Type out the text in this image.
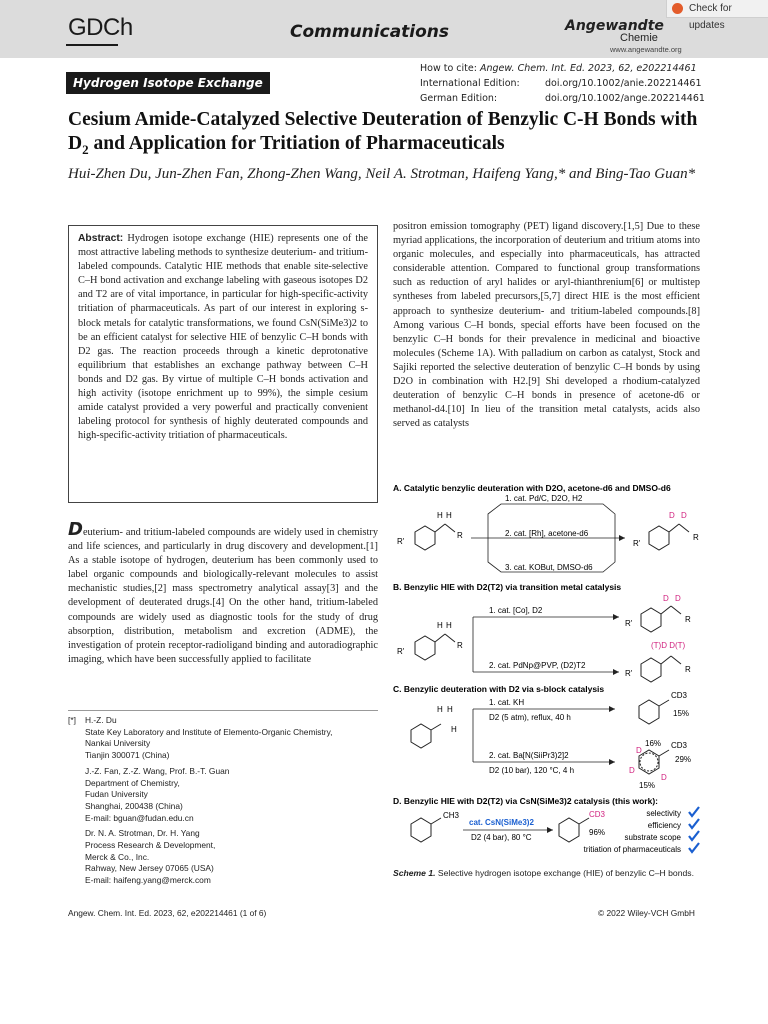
GDCh	Communications	Angewandte
Chemie
www.angewandte.org
Check for updates
Hydrogen Isotope Exchange
How to cite: Angew. Chem. Int. Ed. 2023, 62, e202214461
International Edition:	doi.org/10.1002/anie.202214461
German Edition:	doi.org/10.1002/ange.202214461
Cesium Amide-Catalyzed Selective Deuteration of Benzylic C-H Bonds with $D_2$ and Application for Tritiation of Pharmaceuticals
Hui-Zhen Du, Jun-Zhen Fan, Zhong-Zhen Wang, Neil A. Strotman, Haifeng Yang,* and Bing-Tao Guan*
Abstract: Hydrogen isotope exchange (HIE) represents one of the most attractive labeling methods to synthesize deuterium- and tritium-labeled compounds. Catalytic HIE methods that enable site-selective C–H bond activation and exchange labeling with gaseous isotopes D2 and T2 are of vital importance, in particular for high-specific-activity tritiation of pharmaceuticals. As part of our interest in exploring s-block metals for catalytic transformations, we found CsN(SiMe3)2 to be an efficient catalyst for selective HIE of benzylic C–H bonds with D2 gas. The reaction proceeds through a kinetic deprotonative equilibrium that establishes an exchange pathway between C–H bonds and D2 gas. By virtue of multiple C–H bonds activation and high activity (isotope enrichment up to 99%), the simple cesium amide catalyst provided a very powerful and practically convenient labeling protocol for synthesis of highly deuterated compounds and high-specific-activity tritiation of pharmaceuticals.
Deuterium- and tritium-labeled compounds are widely used in chemistry and life sciences, and particularly in drug discovery and development.[1] As a stable isotope of hydrogen, deuterium has been commonly used to label organic compounds and biologically-relevant molecules to assist mechanistic studies,[2] mass spectrometry analytical assay[3] and the development of deuterated drugs.[4] On the other hand, tritium-labeled compounds are widely used as diagnostic tools for the study of drug absorption, distribution, metabolism and excretion (ADME), the investigation of protein receptor-radioligand binding and autoradiographic imaging, which have been successfully applied to facilitate
positron emission tomography (PET) ligand discovery.[1,5] Due to these myriad applications, the incorporation of deuterium and tritium atoms into organic molecules, and especially into pharmaceuticals, has attracted considerable attention. Compared to functional group transformations such as reduction of aryl halides or aryl-thianthrenium[6] or multistep syntheses from labeled precursors,[5,7] direct HIE is the most efficient approach to synthesize deuterium- and tritium-labeled compounds.[8] Among various C–H bonds, special efforts have been focused on the benzylic C–H bonds for their prevalence in medicinal and bioactive molecules (Scheme 1A). With palladium on carbon as catalyst, Stock and Sajiki reported the selective deuteration of benzylic C–H bonds by using D2O in combination with H2.[9] Shi developed a rhodium-catalyzed deuteration of benzylic C–H bonds in presence of acetone-d6 or methanol-d4.[10] In lieu of the transition metal catalysts, acids also served as catalysts
[*] H.-Z. Du
State Key Laboratory and Institute of Elemento-Organic Chemistry,
Nankai University
Tianjin 300071 (China)
J.-Z. Fan, Z.-Z. Wang, Prof. B.-T. Guan
Department of Chemistry,
Fudan University
Shanghai, 200438 (China)
E-mail: bguan@fudan.edu.cn
Dr. N. A. Strotman, Dr. H. Yang
Process Research & Development,
Merck & Co., Inc.
Rahway, New Jersey 07065 (USA)
E-mail: haifeng.yang@merck.com
A. Catalytic benzylic deuteration with D2O, acetone-d6 and DMSO-d6
H H
R
R'
1. cat. Pd/C, D2O, H2
2. cat. [Rh], acetone-d6
3. cat. KOBut, DMSO-d6
D D
R
R'
B. Benzylic HIE with D2(T2) via transition metal catalysis
H H
R
R'
1. cat. [Co], D2
2. cat. PdNp@PVP, (D2)T2
D D
R
R'
(T)D D(T)
R
R'
C. Benzylic deuteration with D2 via s-block catalysis
H H
H
1. cat. KH
D2 (5 atm), reflux, 40 h
2. cat. Ba[N(SiiPr3)2]2
D2 (10 bar), 120 °C, 4 h
CD3
15%
D
D
D
16% CD3
29%
15%
D. Benzylic HIE with D2(T2) via CsN(SiMe3)2 catalysis (this work):
CH3
cat. CsN(SiMe3)2
D2 (4 bar), 80 °C
CD3
96%
selectivity
efficiency
substrate scope
tritiation of pharmaceuticals
Scheme 1. Selective hydrogen isotope exchange (HIE) of benzylic C–H bonds.
Angew. Chem. Int. Ed. 2023, 62, e202214461 (1 of 6)	© 2022 Wiley-VCH GmbH
